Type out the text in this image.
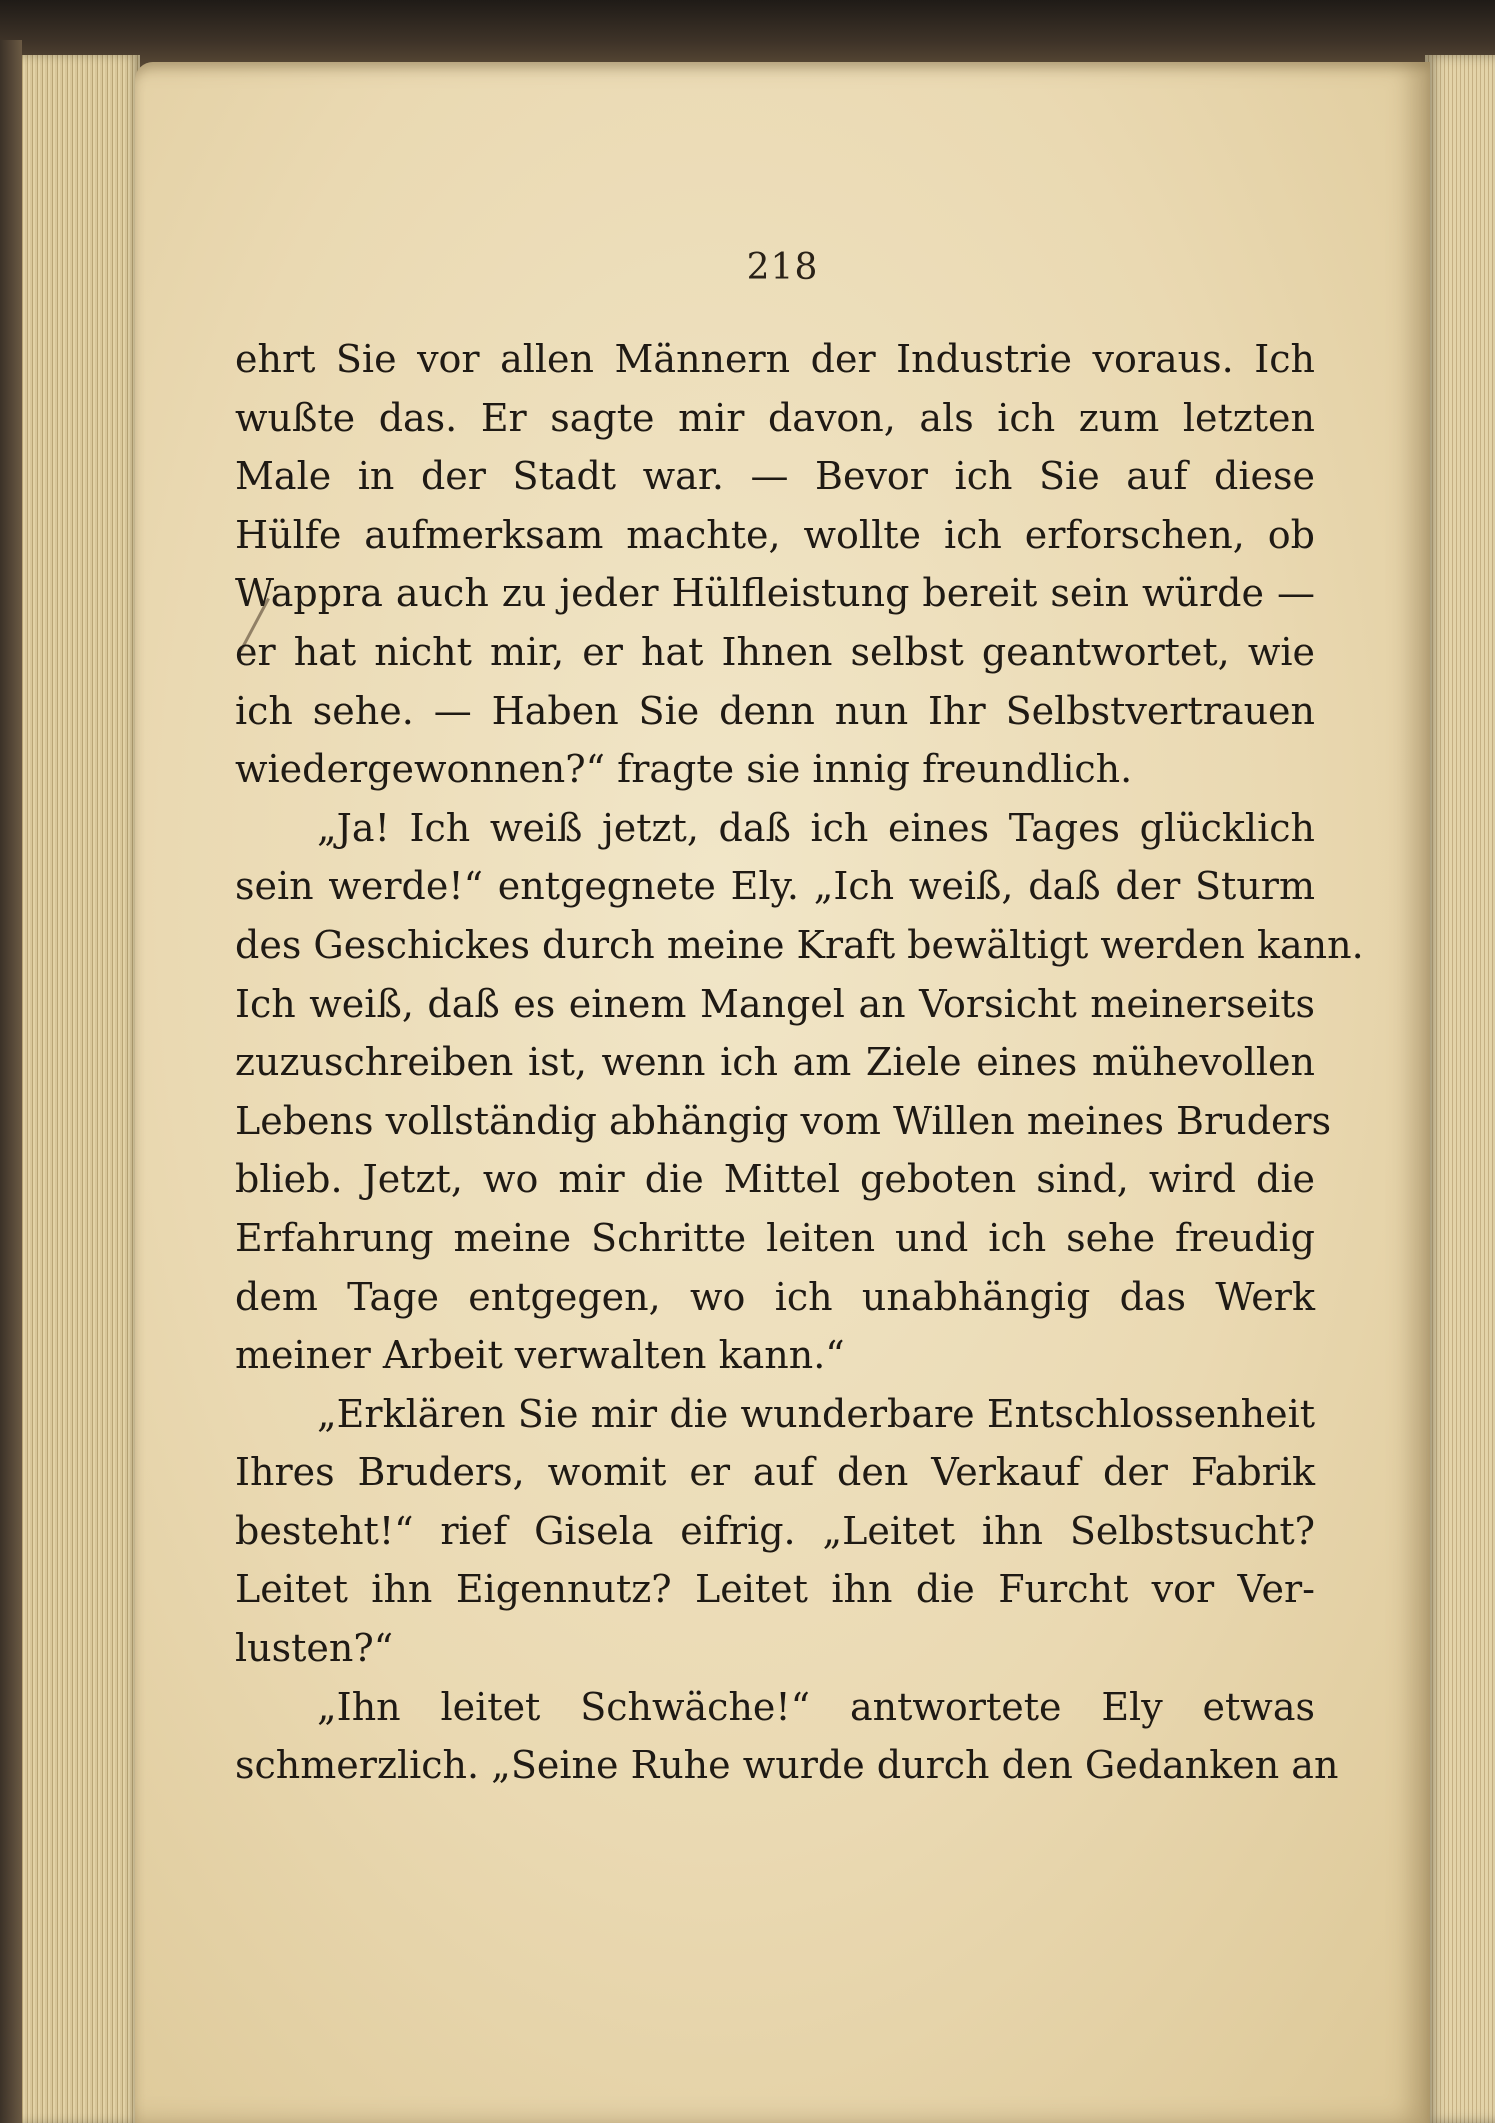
218
ehrt Sie vor allen Männern der Industrie voraus. Ich
wußte das. Er sagte mir davon, als ich zum letzten
Male in der Stadt war. — Bevor ich Sie auf diese
Hülfe aufmerksam machte, wollte ich erforschen, ob
Wappra auch zu jeder Hülfleistung bereit sein würde —
er hat nicht mir, er hat Ihnen selbst geantwortet, wie
ich sehe. — Haben Sie denn nun Ihr Selbstvertrauen
wiedergewonnen?“ fragte sie innig freundlich.
„Ja! Ich weiß jetzt, daß ich eines Tages glücklich
sein werde!“ entgegnete Ely. „Ich weiß, daß der Sturm
des Geschickes durch meine Kraft bewältigt werden kann.
Ich weiß, daß es einem Mangel an Vorsicht meinerseits
zuzuschreiben ist, wenn ich am Ziele eines mühevollen
Lebens vollständig abhängig vom Willen meines Bruders
blieb. Jetzt, wo mir die Mittel geboten sind, wird die
Erfahrung meine Schritte leiten und ich sehe freudig
dem Tage entgegen, wo ich unabhängig das Werk
meiner Arbeit verwalten kann.“
„Erklären Sie mir die wunderbare Entschlossenheit
Ihres Bruders, womit er auf den Verkauf der Fabrik
besteht!“ rief Gisela eifrig. „Leitet ihn Selbstsucht?
Leitet ihn Eigennutz? Leitet ihn die Furcht vor Ver-
lusten?“
„Ihn leitet Schwäche!“ antwortete Ely etwas
schmerzlich. „Seine Ruhe wurde durch den Gedanken an
